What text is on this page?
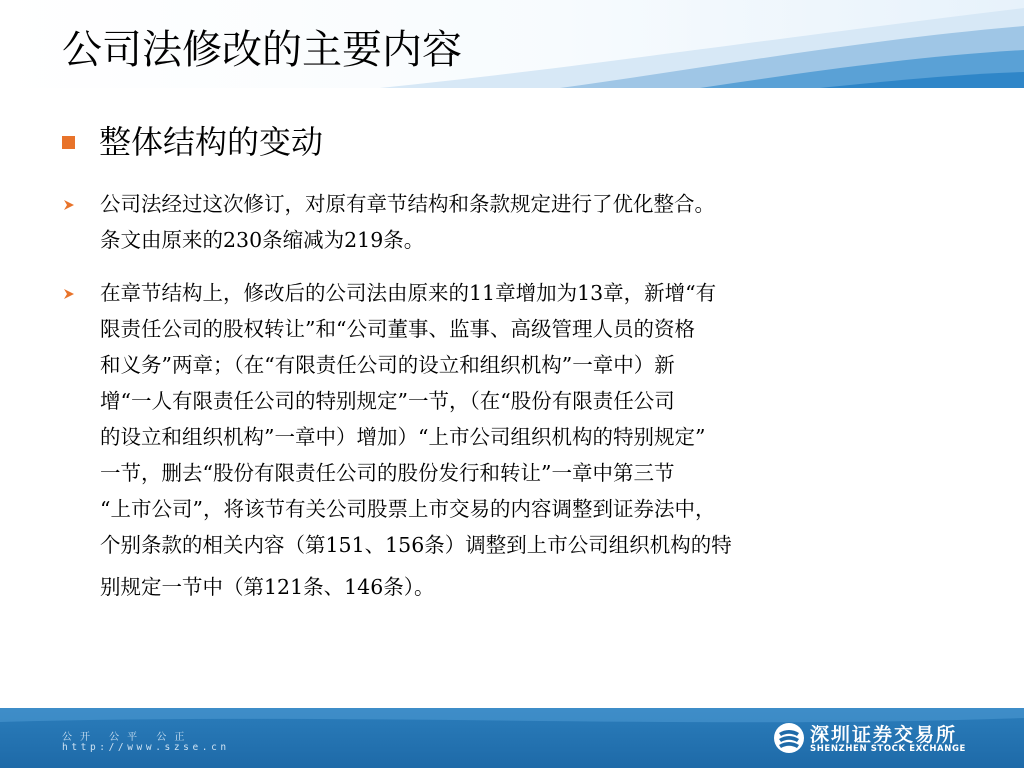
公司法修改的主要内容
整体结构的变动
公司法经过这次修订，对原有章节结构和条款规定进行了优化整合。
条文由原来的230条缩减为219条。
在章节结构上，修改后的公司法由原来的11章增加为13章，新增“有
限责任公司的股权转让”和“公司董事、监事、高级管理人员的资格
和义务”两章；（在“有限责任公司的设立和组织机构”一章中）新
增“一人有限责任公司的特别规定”一节，（在“股份有限责任公司
的设立和组织机构”一章中）增加）“上市公司组织机构的特别规定”
一节，删去“股份有限责任公司的股份发行和转让”一章中第三节
“上市公司”，将该节有关公司股票上市交易的内容调整到证券法中，
个别条款的相关内容（第151、156条）调整到上市公司组织机构的特
别规定一节中（第121条、146条）。
公开 公平 公正
http://www.szse.cn
深圳证券交易所
SHENZHEN STOCK EXCHANGE
